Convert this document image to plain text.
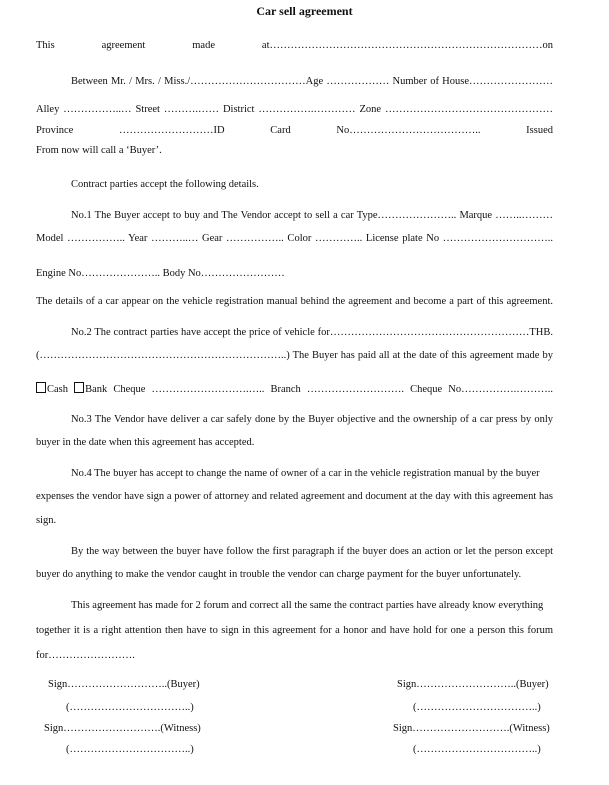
Car sell agreement
This agreement made at……………………………………………………………………on
Between Mr. / Mrs. / Miss./……………………………Age ……………… Number of House……………………
Alley ……………..… Street ……….…… District …………….………… Zone …………………………………………
Province ………………………ID Card No……………………………….. Issued
From now will call a ‘Buyer’.
Contract parties accept the following details.
No.1 The Buyer accept to buy and The Vendor accept to sell a car Type………………….. Marque ……..………
Model …………….. Year ………..… Gear …………….. Color ………….. License plate No …………………………..
Engine No………………….. Body No……………………
The details of a car appear on the vehicle registration manual behind the agreement and become a part of this agreement.
No.2 The contract parties have accept the price of vehicle for…………………………………………………THB.
(……………………………………………………………..) The Buyer has paid all at the date of this agreement made by
Cash Bank Cheque ……………………….….. Branch ………………………. Cheque No…………….………..
No.3 The Vendor have deliver a car safely done by the Buyer objective and the ownership of a car press by only
buyer in the date when this agreement has accepted.
No.4 The buyer has accept to change the name of owner of a car in the vehicle registration manual by the buyer
expenses the vendor have sign a power of attorney and related agreement and document at the day with this agreement has
sign.
By the way between the buyer have follow the first paragraph if the buyer does an action or let the person except
buyer do anything to make the vendor caught in trouble the vendor can charge payment for the buyer unfortunately.
This agreement has made for 2 forum and correct all the same the contract parties have already know everything
together it is a right attention then have to sign in this agreement for a honor and have hold for one a person this forum
for…………………….
Sign………………………..(Buyer)
(……………………………..)
Sign……………………….(Witness)
(……………………………..)
Sign………………………..(Buyer)
(……………………………..)
Sign……………………….(Witness)
(……………………………..)
